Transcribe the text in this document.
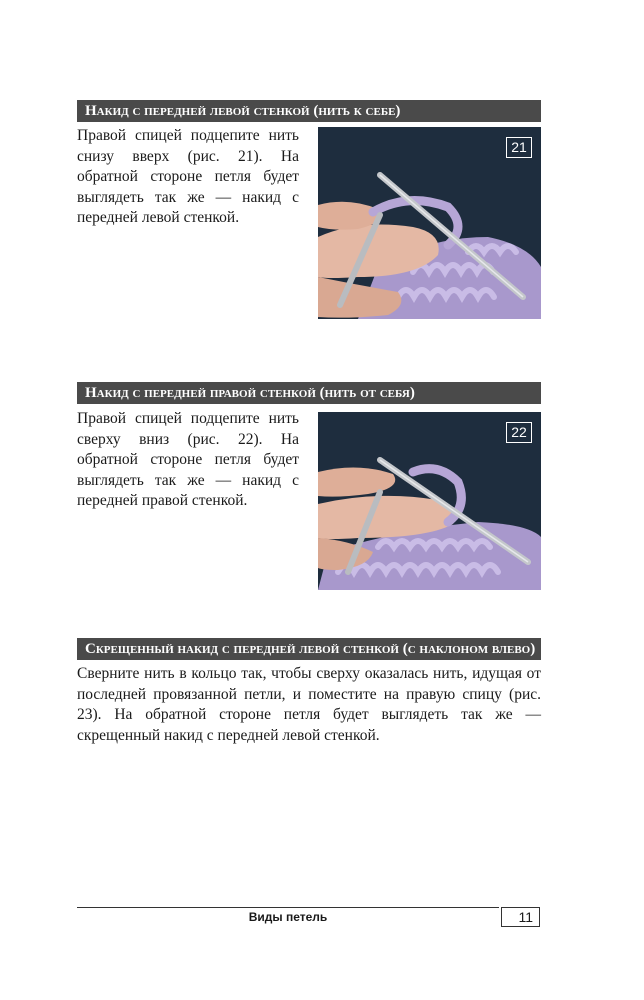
Накид с передней левой стенкой (нить к себе)

Правой спицей подцепите нить снизу вверх (рис. 21). На обратной стороне петля будет выглядеть так же — накид с передней левой стенкой.

21
Накид с передней правой стенкой (нить от себя)

Правой спицей подцепите нить сверху вниз (рис. 22). На обратной стороне петля будет выглядеть так же — накид с передней правой стенкой.

22
Скрещенный накид с передней левой стенкой (с наклоном влево)

Сверните нить в кольцо так, чтобы сверху оказалась нить, идущая от последней провязанной петли, и поместите на правую спицу (рис. 23). На обратной стороне петля будет выглядеть так же — скрещенный накид с передней левой стенкой.

Виды петель	11
